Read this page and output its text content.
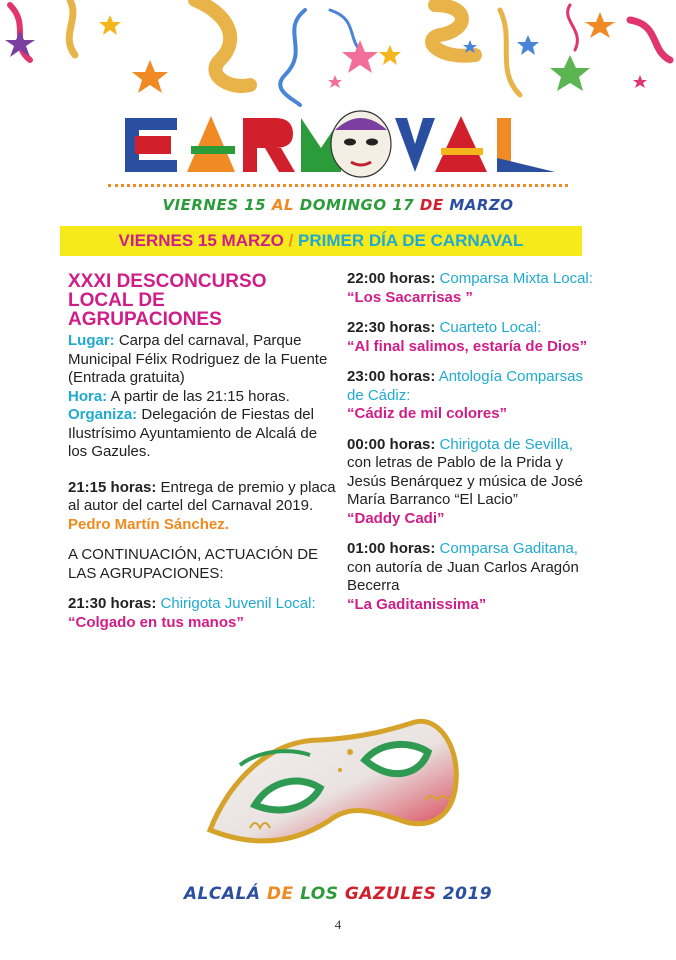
VIERNES 15 AL DOMINGO 17 DE MARZO
VIERNES 15 MARZO / PRIMER DÍA DE CARNAVAL
XXXI DESCONCURSO
LOCAL DE
AGRUPACIONES

Lugar: Carpa del carnaval, Parque Municipal Félix Rodriguez de la Fuente (Entrada gratuita)

Hora: A partir de las 21:15 horas.

Organiza: Delegación de Fiestas del Ilustrísimo Ayuntamiento de Alcalá de los Gazules.

21:15 horas: Entrega de premio y placa al autor del cartel del Carnaval 2019.

Pedro Martín Sánchez.

A CONTINUACIÓN, ACTUACIÓN DE LAS AGRUPACIONES:

21:30 horas: Chirigota Juvenil Local: “Colgado en tus manos”

22:00 horas: Comparsa Mixta Local: “Los Sacarrisas ”

22:30 horas: Cuarteto Local:

“Al final salimos, estaría de Dios”

23:00 horas: Antología Comparsas de Cádiz:

“Cádiz de mil colores”

00:00 horas: Chirigota de Sevilla, con letras de Pablo de la Prida y Jesús Benárquez y música de José María Barranco “El Lacio”

“Daddy Cadi”

01:00 horas: Comparsa Gaditana, con autoría de Juan Carlos Aragón Becerra

“La Gaditanissima”

ALCALÁ DE LOS GAZULES 2019
4
